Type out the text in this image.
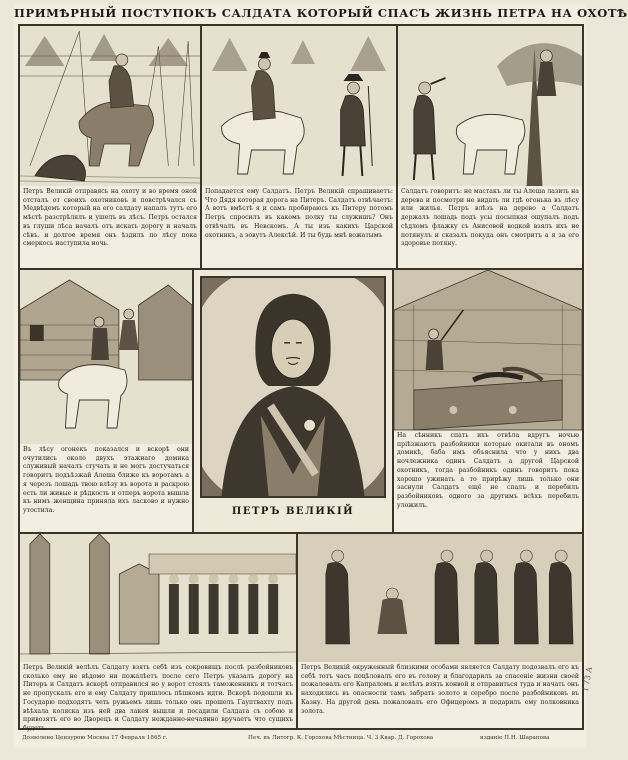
ПРИМѢРНЫЙ ПОСТУПОКЪ САЛДАТА КОТОРЫЙ СПАСЪ ЖИЗНЬ ПЕТРА НА ОХОТѢ
Петръ Великiй отправясь на охоту и во время оной отсталъ от своихъ охотниковъ и повстрѣчался съ Медвѣдемъ который на его салдату напалъ тутъ его мѣстѣ разстрѣлялъ и ушелъ въ лѣсъ. Петръ остался въ глуши лѣса началъ отъ искать дорогу и началъ сѣвъ. и долгое время онъ ѣздилъ по лѣсу пока смеркось наступила ночь.
Попадается ему Салдатъ. Петръ Великiй спрашиваетъ: Что Дядя которая дорога на Питеръ. Салдатъ отвѣчаетъ: А вотъ вмѣстѣ я и самъ пробираюсь къ Питеру потомъ Петръ спросилъ въ какомъ полку ты служишъ? Онъ отвѣчалъ въ Невскомъ. А ты изъ какихъ Царской охотникъ, а зовутъ Алексѣй. И ты будь мнѣ вожатымъ
Салдатъ говоритъ: не мастакъ ли ты Алеша лазить на дерева и посмотри не видать ли гдѣ огонька въ лѣсу или жилья. Петръ влѣзъ на дерево а Салдатъ держалъ лошадь подъ усы посыпкая ощупалъ подъ сѣдломъ флажку съ Анисовой водкой взялъ ихъ не потянулъ и сказалъ покуда онъ смотритъ а я за его здоровье потяну.
Въ лѣсу огонекъ показался и вскорѣ они очутились около двухъ этажнаго домика служивый началъ стучать и не могъ достучаться говоритъ подъѣзжай Алеша ближе къ воротамъ а я черезъ лошадь твою влѣзу въ ворота и раскрою есть ли живые и рѣдкость и отперъ ворота вышла къ нимъ женщина приняла ихъ ласково и нужно утостила.	ПЕТРЪ ВЕЛИКIЙ
На сѣнникъ спать ихъ отвѣла вдругъ ночью прiѣзжаютъ разбойники которые окитали въ ономъ домикѣ, баба имъ объяснила что у нихъ два ночлежника одинъ Салдатъ а другой Царской охотникъ, тогда разбойникъ одинъ говоритъ пока хорошо ужинать а то прирѣжу лишь только они заснули Салдатъ ещё не спалъ и перебилъ разбойниковъ одного за другимъ всѣхъ перебилъ уложилъ.
Петръ Великiй велѣлъ Салдату взять себѣ изъ сокровищъ послѣ разбойниковъ сколько ему не вѣдомо ни пожалѣетъ после сего Петръ указалъ дорогу на Питеръ и Салдатъ вскорѣ отправился но у ворот стоялъ таможенникъ и тотчасъ не пропускалъ его и ему Салдату пришлось пѣшкомъ идти. Вскорѣ подошли къ Государю подходятъ четь ружьемъ лишь только онъ прошелъ Гауптвахту подъ вѣѣхала коляска изъ ней два лакея вышли и посадили Салдата съ собою и привозятъ его во Дворецъ и Салдату нежданно-нечаянно вручаетъ что сущихъ будетъ.
Петръ Великiй окруженный близкими особами является Салдату подозвалъ его къ себѣ тотъ часъ поцѣловалъ его въ голову и благодарилъ за спасенiе жизни своей пожаловалъ его Капраломъ и велѣлъ взять конвой и отправиться туда и начать онъ находились въ опасности тамъ забрать золото и серебро после разбойниковъ въ Казну. На другой день пожаловалъ его Офицеромъ и подарилъ ему полковника золота.
Дозволено Цензурою Москва 17 Февраля 1865 г.	Печ. въ Литогр. К. Горохова Мѣстница. Ч. 3 Квар. Д. Горохова	изданiе П.Н. Шарапова
I 73 A
